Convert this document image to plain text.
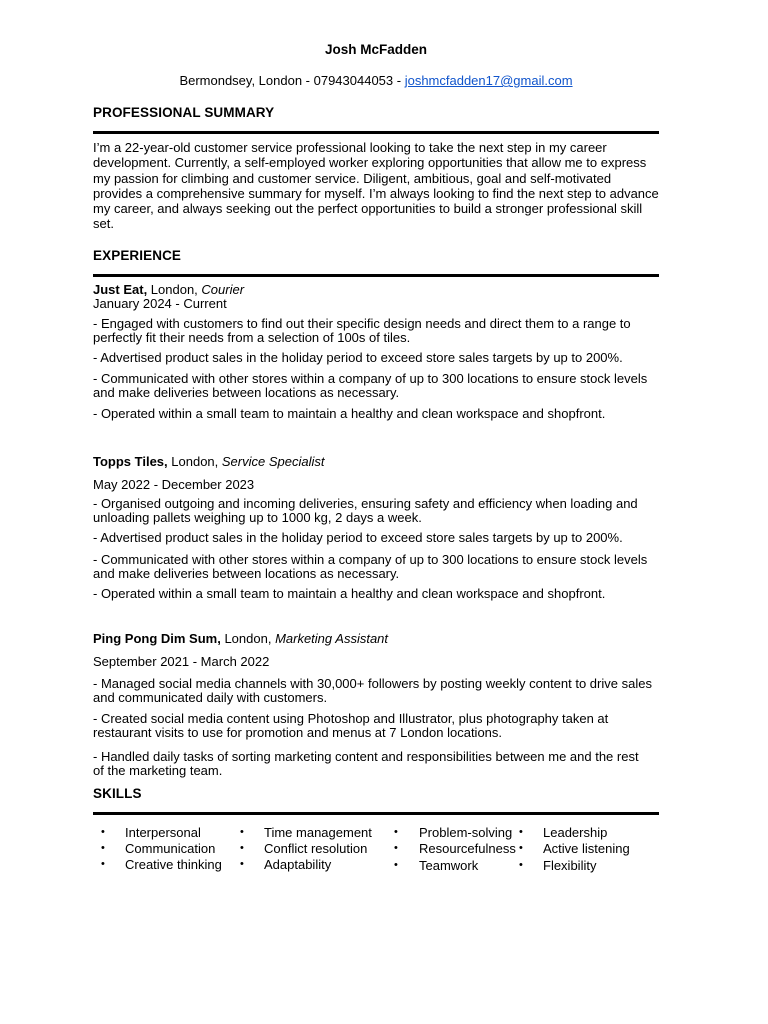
Josh McFadden
Bermondsey, London - 07943044053 - joshmcfadden17@gmail.com
PROFESSIONAL SUMMARY
I’m a 22-year-old customer service professional looking to take the next step in my career development. Currently, a self-employed worker exploring opportunities that allow me to express my passion for climbing and customer service. Diligent, ambitious, goal and self-motivated provides a comprehensive summary for myself. I’m always looking to find the next step to advance my career, and always seeking out the perfect opportunities to build a stronger professional skill set.
EXPERIENCE
Just Eat, London, Courier
January 2024 - Current
- Engaged with customers to find out their specific design needs and direct them to a range to perfectly fit their needs from a selection of 100s of tiles.
- Advertised product sales in the holiday period to exceed store sales targets by up to 200%.
- Communicated with other stores within a company of up to 300 locations to ensure stock levels and make deliveries between locations as necessary.
- Operated within a small team to maintain a healthy and clean workspace and shopfront.
Topps Tiles, London, Service Specialist
May 2022 - December 2023
- Organised outgoing and incoming deliveries, ensuring safety and efficiency when loading and unloading pallets weighing up to 1000 kg, 2 days a week.
- Advertised product sales in the holiday period to exceed store sales targets by up to 200%.
- Communicated with other stores within a company of up to 300 locations to ensure stock levels and make deliveries between locations as necessary.
- Operated within a small team to maintain a healthy and clean workspace and shopfront.
Ping Pong Dim Sum, London, Marketing Assistant
September 2021 - March 2022
- Managed social media channels with 30,000+ followers by posting weekly content to drive sales and communicated daily with customers.
- Created social media content using Photoshop and Illustrator, plus photography taken at restaurant visits to use for promotion and menus at 7 London locations.
- Handled daily tasks of sorting marketing content and responsibilities between me and the rest of the marketing team.
SKILLS
• Interpersonal
• Communication
• Creative thinking
• Time management
• Conflict resolution
• Adaptability
• Problem-solving
• Resourcefulness
• Teamwork
• Leadership
• Active listening
• Flexibility
